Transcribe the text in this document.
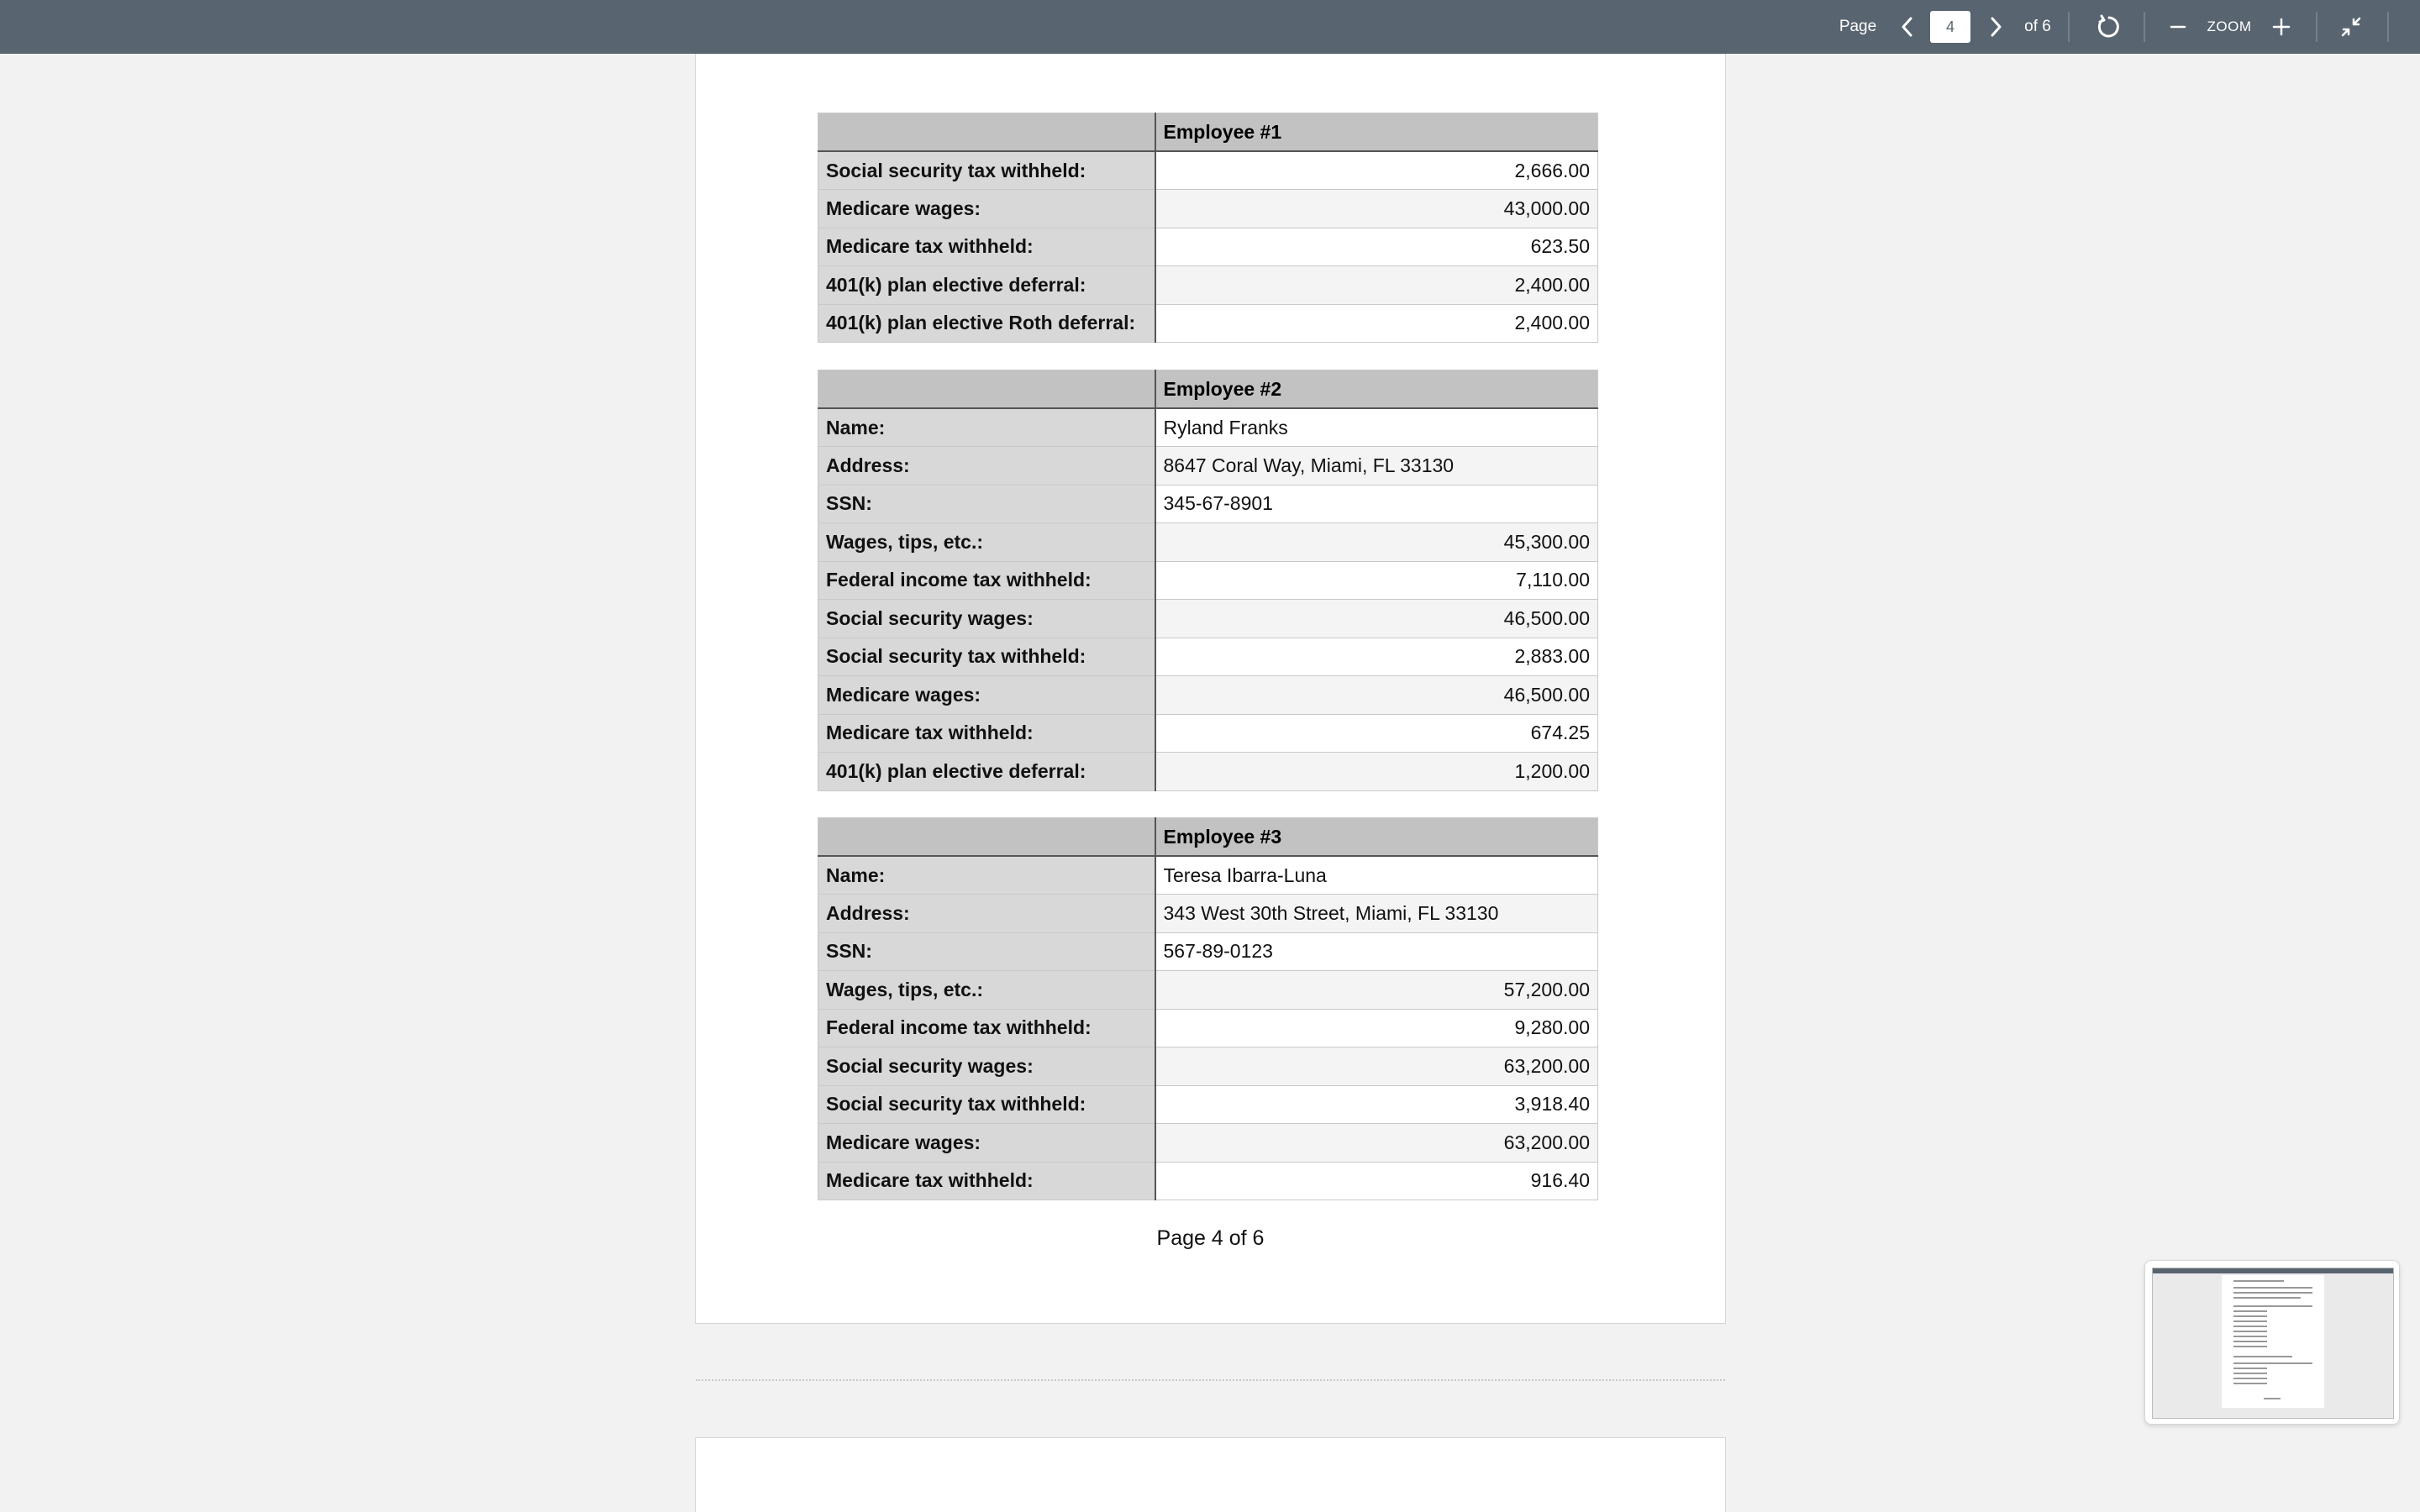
Page
4	of 6	ZOOM
	Employee #1
Social security tax withheld:	2,666.00
Medicare wages:	43,000.00
Medicare tax withheld:	623.50
401(k) plan elective deferral:	2,400.00
401(k) plan elective Roth deferral:	2,400.00
	Employee #2
Name:	Ryland Franks
Address:	8647 Coral Way, Miami, FL 33130
SSN:	345-67-8901
Wages, tips, etc.:	45,300.00
Federal income tax withheld:	7,110.00
Social security wages:	46,500.00
Social security tax withheld:	2,883.00
Medicare wages:	46,500.00
Medicare tax withheld:	674.25
401(k) plan elective deferral:	1,200.00
	Employee #3
Name:	Teresa Ibarra-Luna
Address:	343 West 30th Street, Miami, FL 33130
SSN:	567-89-0123
Wages, tips, etc.:	57,200.00
Federal income tax withheld:	9,280.00
Social security wages:	63,200.00
Social security tax withheld:	3,918.40
Medicare wages:	63,200.00
Medicare tax withheld:	916.40
Page 4 of 6
